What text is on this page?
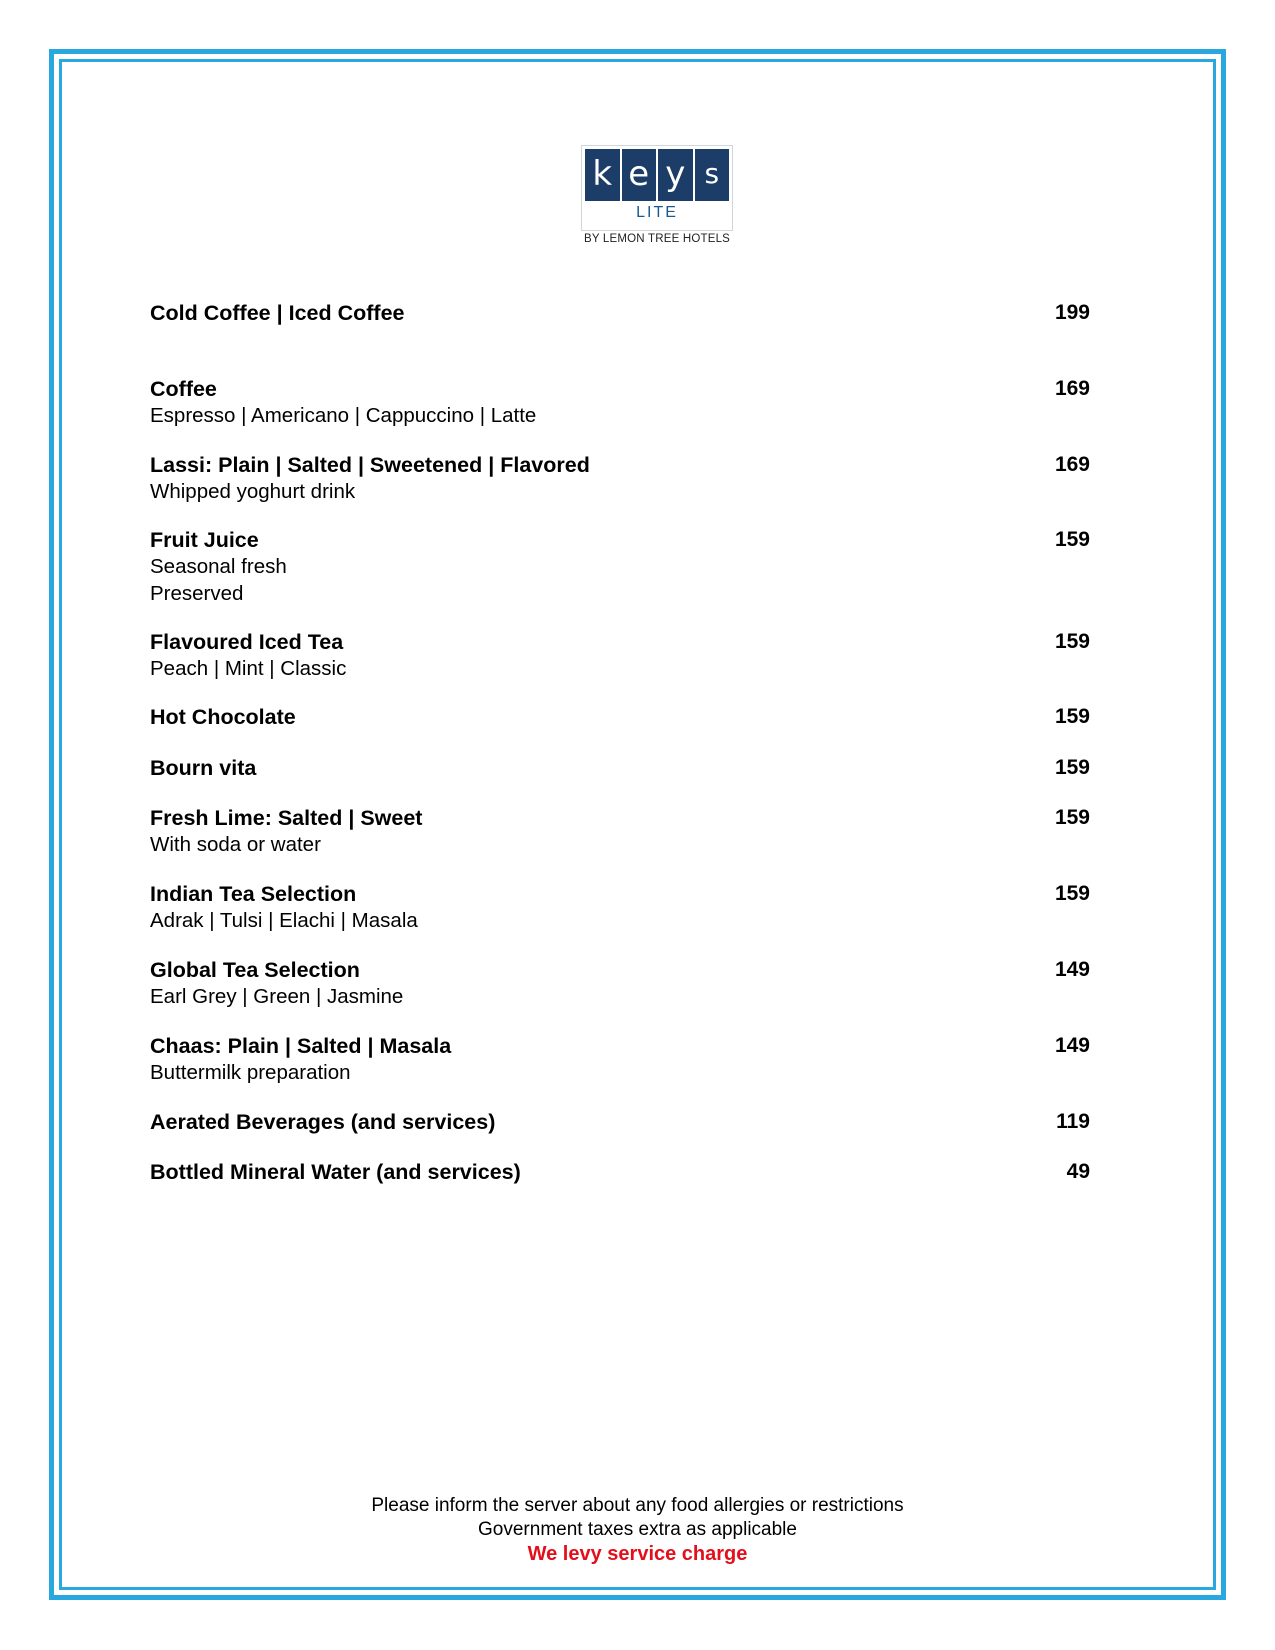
k e y s
LITE
BY LEMON TREE HOTELS
Cold Coffee | Iced Coffee	199
Coffee
Espresso | Americano | Cappuccino | Latte
169
Lassi: Plain | Salted | Sweetened | Flavored
Whipped yoghurt drink
169
Fruit Juice
Seasonal fresh
Preserved
159
Flavoured Iced Tea
Peach | Mint | Classic
159
Hot Chocolate	159
Bourn vita	159
Fresh Lime: Salted | Sweet
With soda or water
159
Indian Tea Selection
Adrak | Tulsi | Elachi | Masala
159
Global Tea Selection
Earl Grey | Green | Jasmine
149
Chaas: Plain | Salted | Masala
Buttermilk preparation
149
Aerated Beverages (and services)	119
Bottled Mineral Water (and services)	49
Please inform the server about any food allergies or restrictions
Government taxes extra as applicable
We levy service charge
